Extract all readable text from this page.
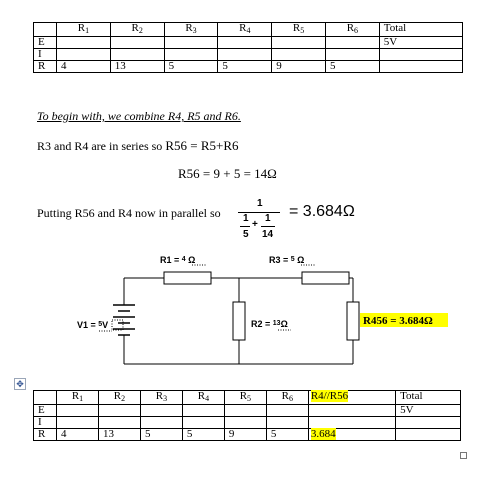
	$R_1$	$R_2$	$R_3$	$R_4$	$R_5$	$R_6$	Total
E							5V
I							
R	4	13	5	5	9	5	
To begin with, we combine R4, R5 and R6.
R3 and R4 are in series so R56 = R5+R6
R56 = 9 + 5 = 14Ω
Putting R56 and R4 now in parallel so
1
1 1
+
5 14
= 3.684Ω
R1 = $^4$ Ω	R3 = $^5$ Ω
R2 = $^{13}$Ω
V1 = $^5$V	R456 = 3.684Ω
✥
	$R_1$	$R_2$	$R_3$	$R_4$	$R_5$	$R_6$	R4//R56	Total
E								5V
I								
R	4	13	5	5	9	5	3.684	
